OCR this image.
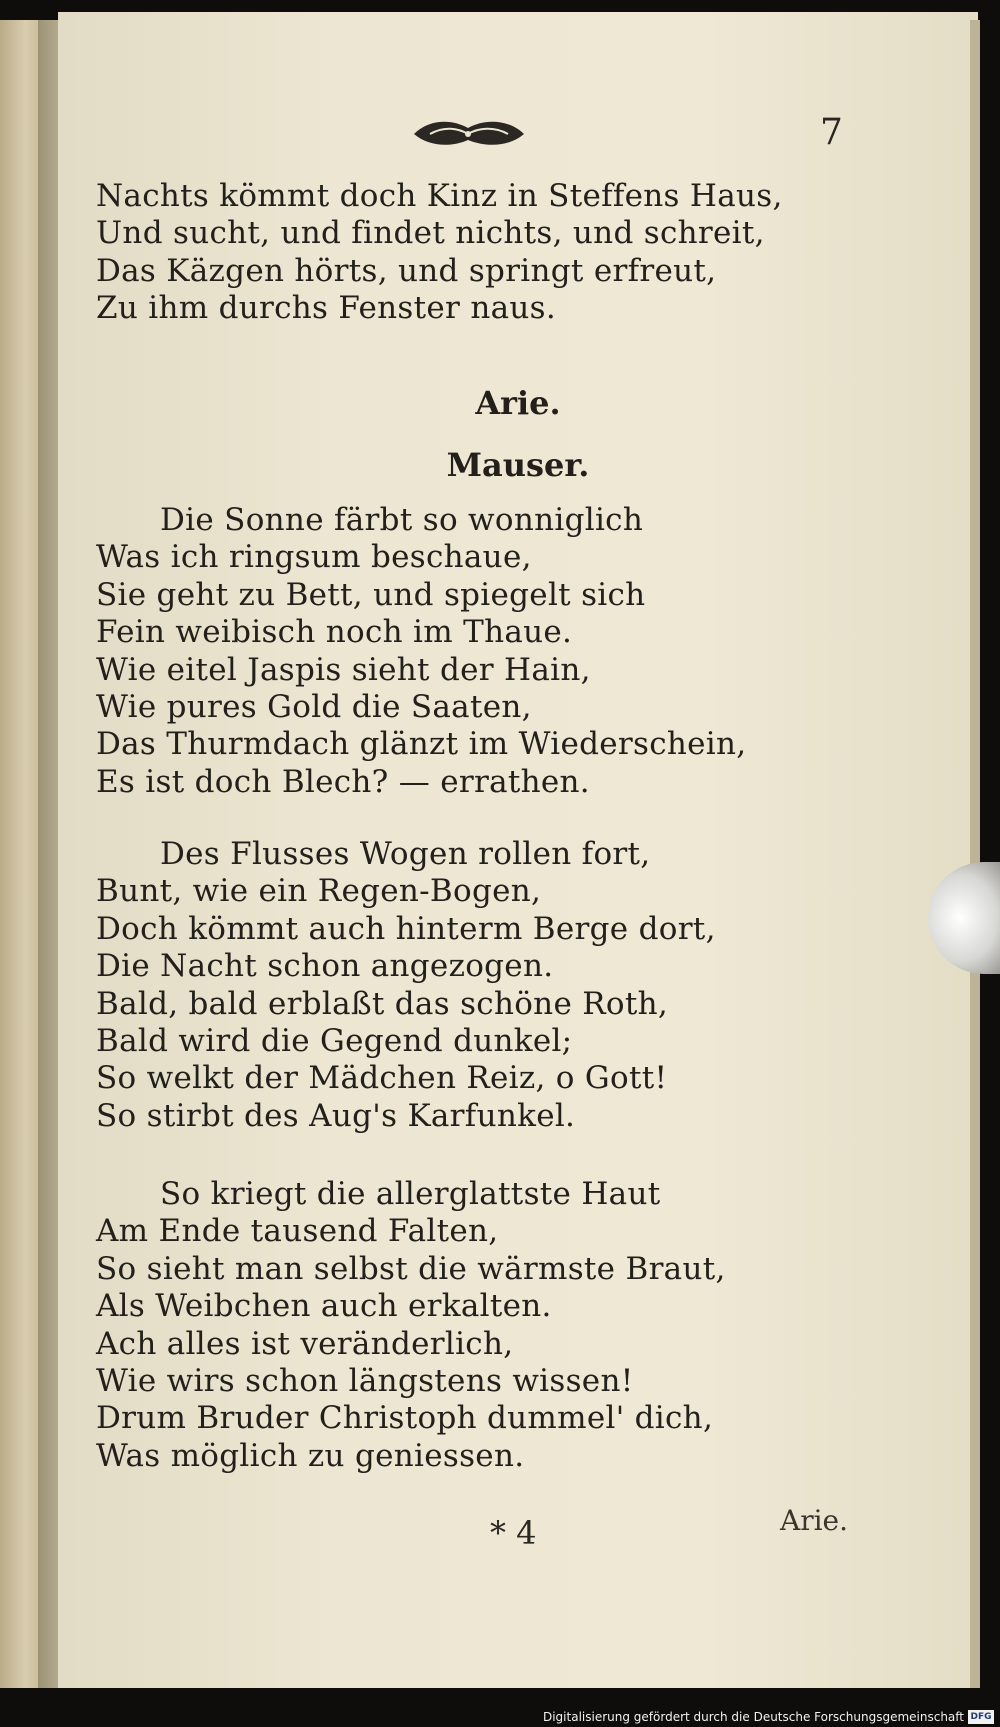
7
Nachts kömmt doch Kinz in Steffens Haus,
Und sucht, und findet nichts, und schreit,
Das Käzgen hörts, und springt erfreut,
Zu ihm durchs Fenster naus.
Arie.
Mauser.
Die Sonne färbt so wonniglich
Was ich ringsum beschaue,
Sie geht zu Bett, und spiegelt sich
Fein weibisch noch im Thaue.
Wie eitel Jaspis sieht der Hain,
Wie pures Gold die Saaten,
Das Thurmdach glänzt im Wiederschein,
Es ist doch Blech? — errathen.
Des Flusses Wogen rollen fort,
Bunt, wie ein Regen-Bogen,
Doch kömmt auch hinterm Berge dort,
Die Nacht schon angezogen.
Bald, bald erblaßt das schöne Roth,
Bald wird die Gegend dunkel;
So welkt der Mädchen Reiz, o Gott!
So stirbt des Aug's Karfunkel.
So kriegt die allerglattste Haut
Am Ende tausend Falten,
So sieht man selbst die wärmste Braut,
Als Weibchen auch erkalten.
Ach alles ist veränderlich,
Wie wirs schon längstens wissen!
Drum Bruder Christoph dummel' dich,
Was möglich zu geniessen.
* 4	Arie.
Digitalisierung gefördert durch die Deutsche Forschungsgemeinschaft DFG
